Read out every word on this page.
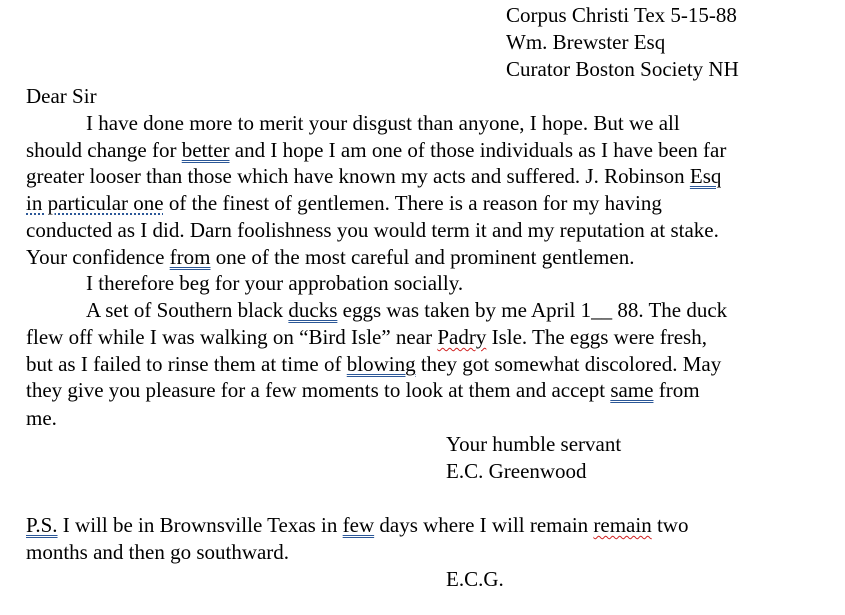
Corpus Christi Tex 5-15-88
Wm. Brewster Esq
Curator Boston Society NH
Dear Sir
I have done more to merit your disgust than anyone, I hope. But we all
should change for better and I hope I am one of those individuals as I have been far
greater looser than those which have known my acts and suffered. J. Robinson Esq
in particular one of the finest of gentlemen. There is a reason for my having
conducted as I did. Darn foolishness you would term it and my reputation at stake.
Your confidence from one of the most careful and prominent gentlemen.
I therefore beg for your approbation socially.
A set of Southern black ducks eggs was taken by me April 1__ 88. The duck
flew off while I was walking on “Bird Isle” near Padry Isle. The eggs were fresh,
but as I failed to rinse them at time of blowing they got somewhat discolored. May
they give you pleasure for a few moments to look at them and accept same from
me.
Your humble servant
E.C. Greenwood
P.S. I will be in Brownsville Texas in few days where I will remain remain two
months and then go southward.
E.C.G.
